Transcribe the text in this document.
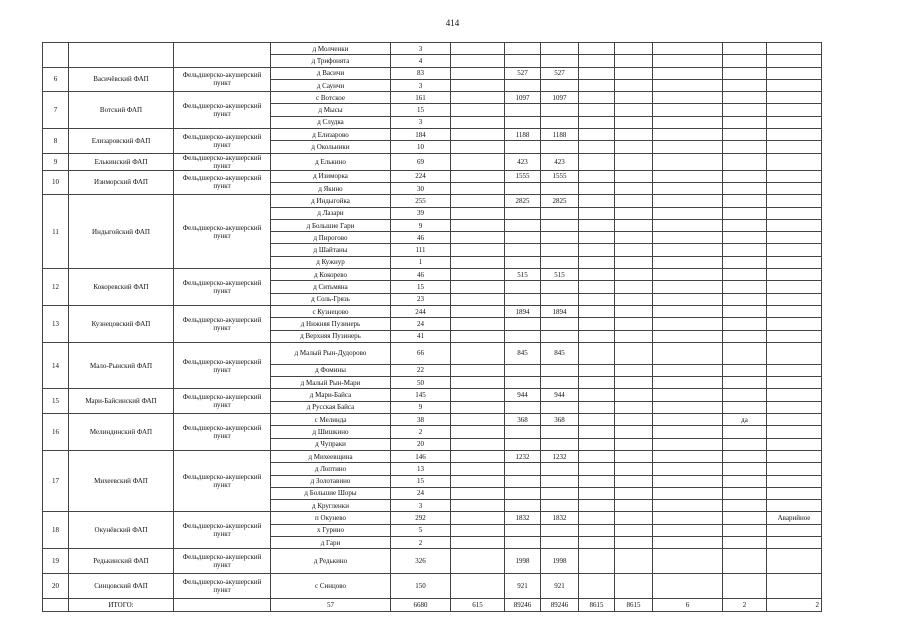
414
			д Молченки	3								
			д Трифонята	4								
6	Васичёвский ФАП	Фельдшерско-акушерский пункт	д Васичи	83		527	527					
			д Саунчи	3								
7	Вотский ФАП	Фельдшерско-акушерский пункт	с Вотское	161		1097	1097					
			д Мысы	15								
			д Слудка	3								
8	Елизаровский ФАП	Фельдшерско-акушерский пункт	д Елизарово	184		1188	1188					
			д Окольники	10								
9	Елькинский ФАП	Фельдшерско-акушерский пункт	д Елькино	69		423	423					
10	Изиморский ФАП	Фельдшерско-акушерский пункт	д Изиморка	224		1555	1555					
			д Якино	30								
11	Индыгойский ФАП	Фельдшерско-акушерский пункт	д Индыгойка	255		2825	2825					
			д Лазари	39								
			д Большие Гари	9								
			д Пирогово	46								
			д Шайтаны	111								
			д Кужнур	1								
12	Кокоревский ФАП	Фельдшерско-акушерский пункт	д Кокорево	46		515	515					
			д Ситьмяна	15								
			д Соль-Грязь	23								
13	Кузнецовский ФАП	Фельдшерско-акушерский пункт	с Кузнецово	244		1894	1894					
			д Нижняя Пузинерь	24								
			д Верхняя Пузинерь	41								
14	Мало-Рынский ФАП	Фельдшерско-акушерский пункт	д Малый Рын-Дудорово	66		845	845					
			д Фомины	22								
			д Малый Рын-Мари	50								
15	Мари-Байсинский ФАП	Фельдшерско-акушерский пункт	д Мари-Байса	145		944	944					
			д Русская Байса	9								
16	Мелиндинский ФАП	Фельдшерско-акушерский пункт	с Мелинда	38		368	368				да	
			д Шишкино	2								
			д Чупраки	20								
17	Михеевский ФАП	Фельдшерско-акушерский пункт	д Михеевщина	146		1232	1232					
			д Лоптино	13								
			д Золотавино	15								
			д Большие Шоры	24								
			д Кругленки	3								
18	Окунёвский ФАП	Фельдшерско-акушерский пункт	п Окунево	292		1832	1832					Аварийное
			х Гурино	5								
			д Гари	2								
19	Редькинский ФАП	Фельдшерско-акушерский пункт	д Редькино	326		1998	1998					
20	Синцовский ФАП	Фельдшерско-акушерский пункт	с Синцово	150		921	921					
	ИТОГО:		57	6680	615	89246	89246	8615	8615	6	2	2
